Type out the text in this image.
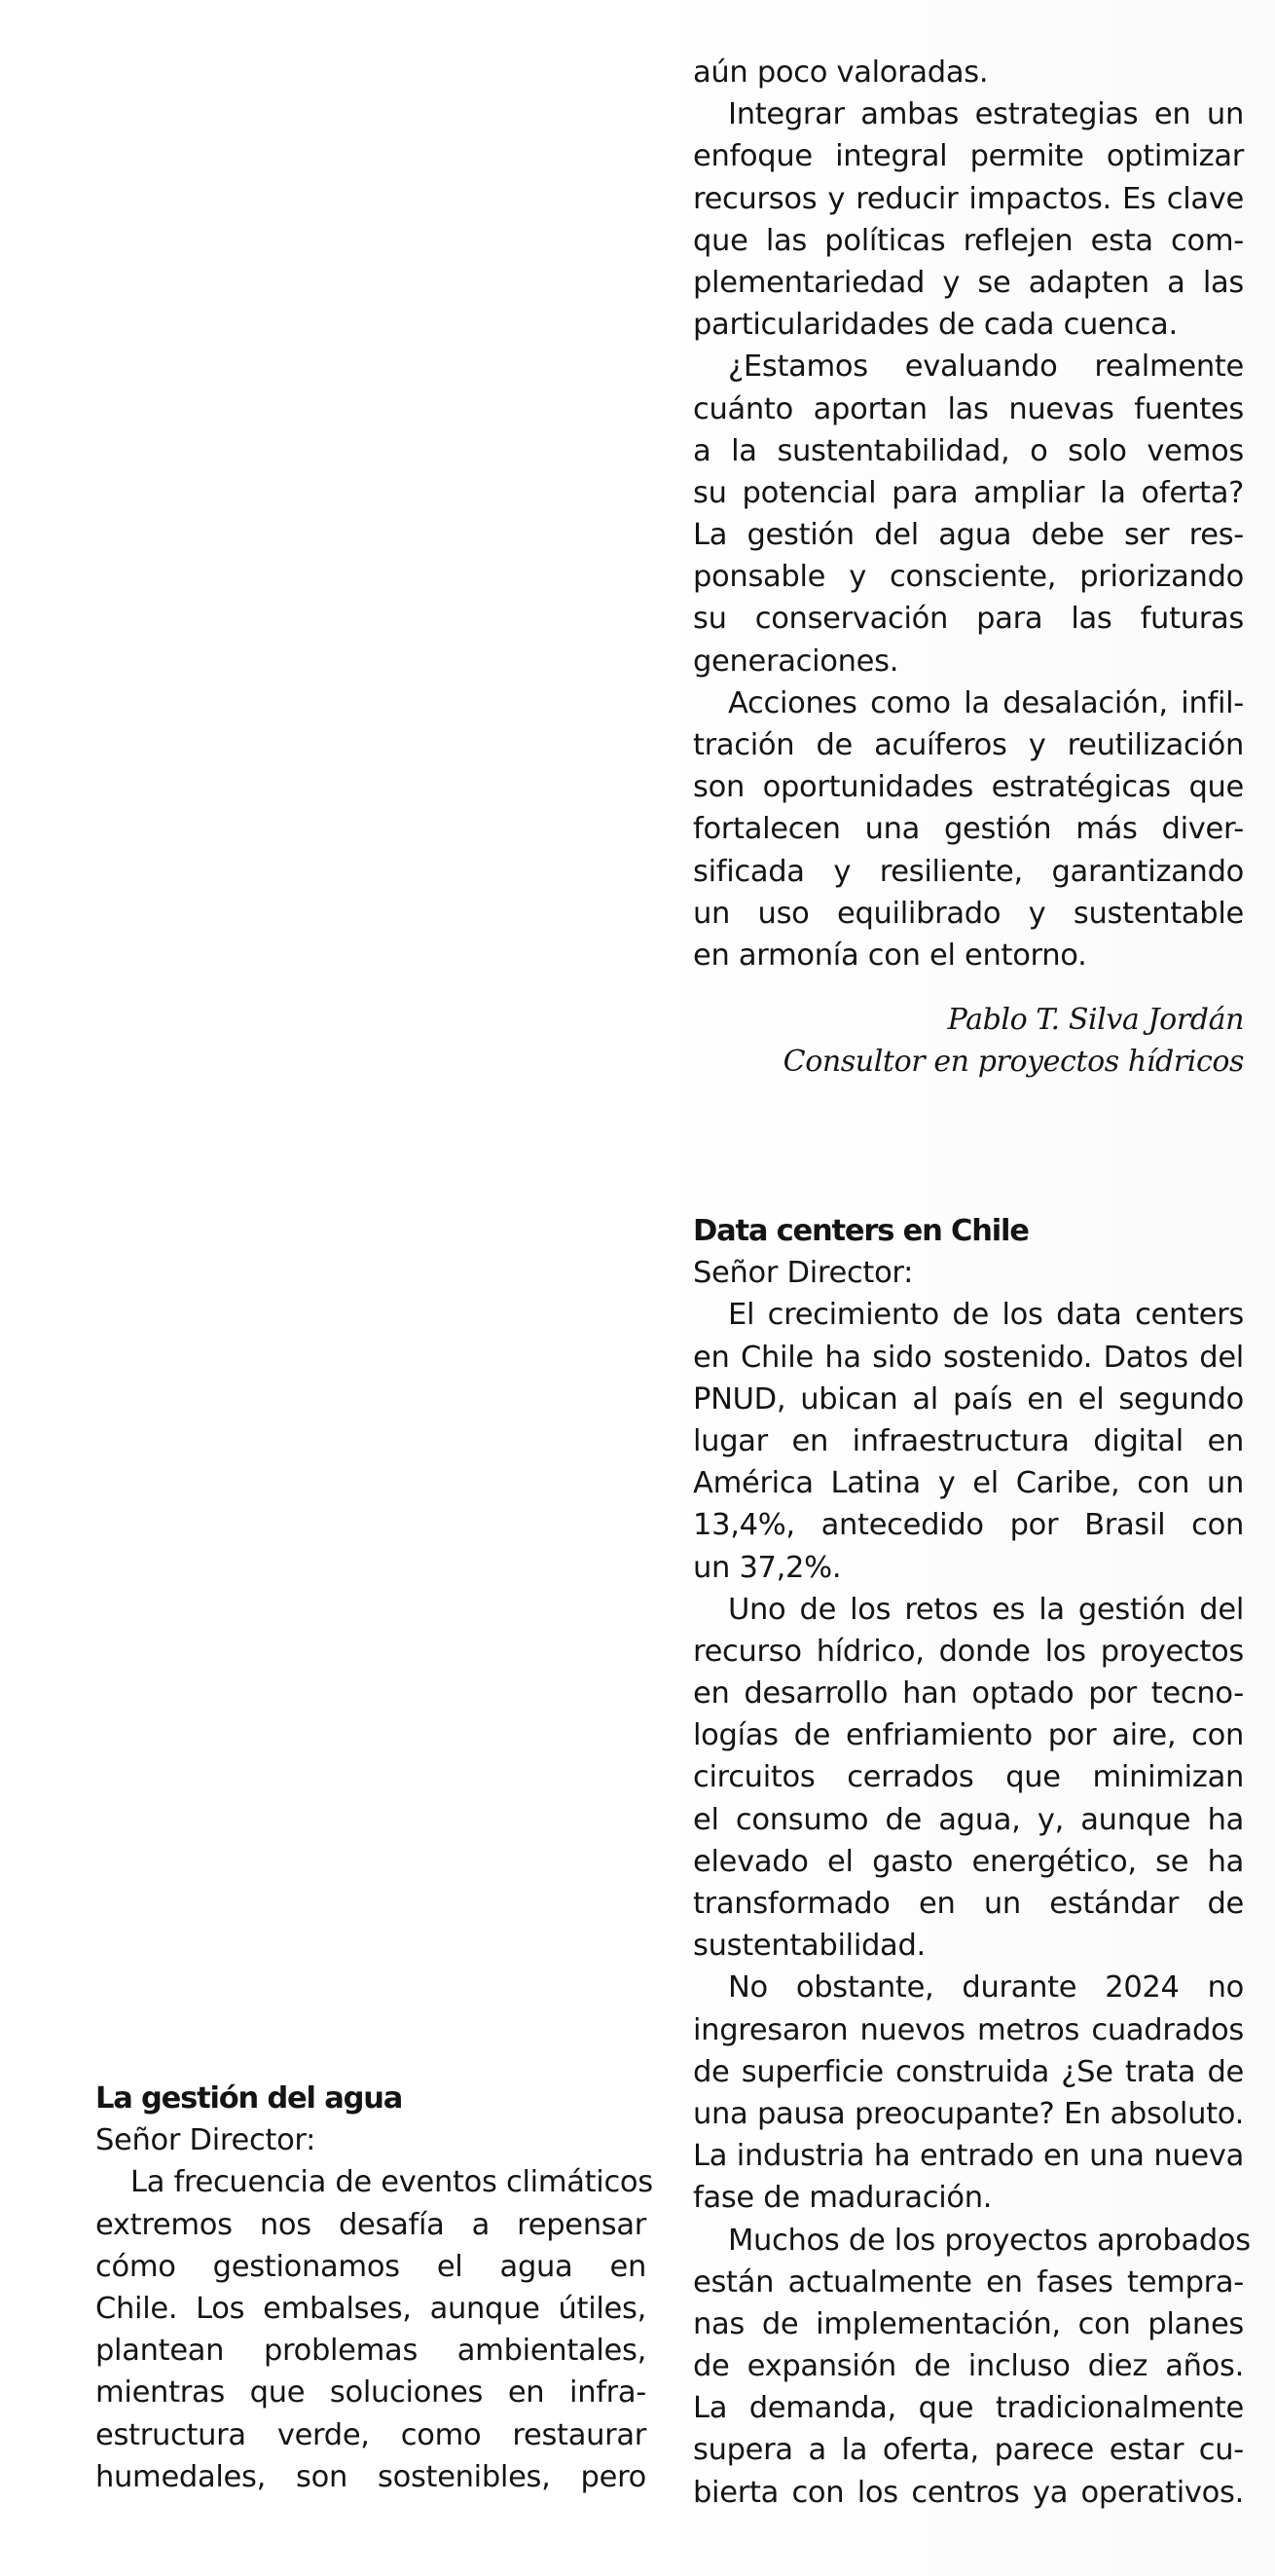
aún poco valoradas.
Integrar ambas estrategias en un
enfoque integral permite optimizar
recursos y reducir impactos. Es clave
que las políticas reflejen esta com-
plementariedad y se adapten a las
particularidades de cada cuenca.
¿Estamos evaluando realmente
cuánto aportan las nuevas fuentes
a la sustentabilidad, o solo vemos
su potencial para ampliar la oferta?
La gestión del agua debe ser res-
ponsable y consciente, priorizando
su conservación para las futuras
generaciones.
Acciones como la desalación, infil-
tración de acuíferos y reutilización
son oportunidades estratégicas que
fortalecen una gestión más diver-
sificada y resiliente, garantizando
un uso equilibrado y sustentable
en armonía con el entorno.
Pablo T. Silva Jordán
Consultor en proyectos hídricos
Data centers en Chile
Señor Director:
El crecimiento de los data centers
en Chile ha sido sostenido. Datos del
PNUD, ubican al país en el segundo
lugar en infraestructura digital en
América Latina y el Caribe, con un
13,4%, antecedido por Brasil con
un 37,2%.
Uno de los retos es la gestión del
recurso hídrico, donde los proyectos
en desarrollo han optado por tecno-
logías de enfriamiento por aire, con
circuitos cerrados que minimizan
el consumo de agua, y, aunque ha
elevado el gasto energético, se ha
transformado en un estándar de
sustentabilidad.
No obstante, durante 2024 no
ingresaron nuevos metros cuadrados
de superficie construida ¿Se trata de
una pausa preocupante? En absoluto.
La industria ha entrado en una nueva
fase de maduración.
Muchos de los proyectos aprobados
están actualmente en fases tempra-
nas de implementación, con planes
de expansión de incluso diez años.
La demanda, que tradicionalmente
supera a la oferta, parece estar cu-
bierta con los centros ya operativos.
La gestión del agua
Señor Director:
La frecuencia de eventos climáticos
extremos nos desafía a repensar
cómo gestionamos el agua en
Chile. Los embalses, aunque útiles,
plantean problemas ambientales,
mientras que soluciones en infra-
estructura verde, como restaurar
humedales, son sostenibles, pero
